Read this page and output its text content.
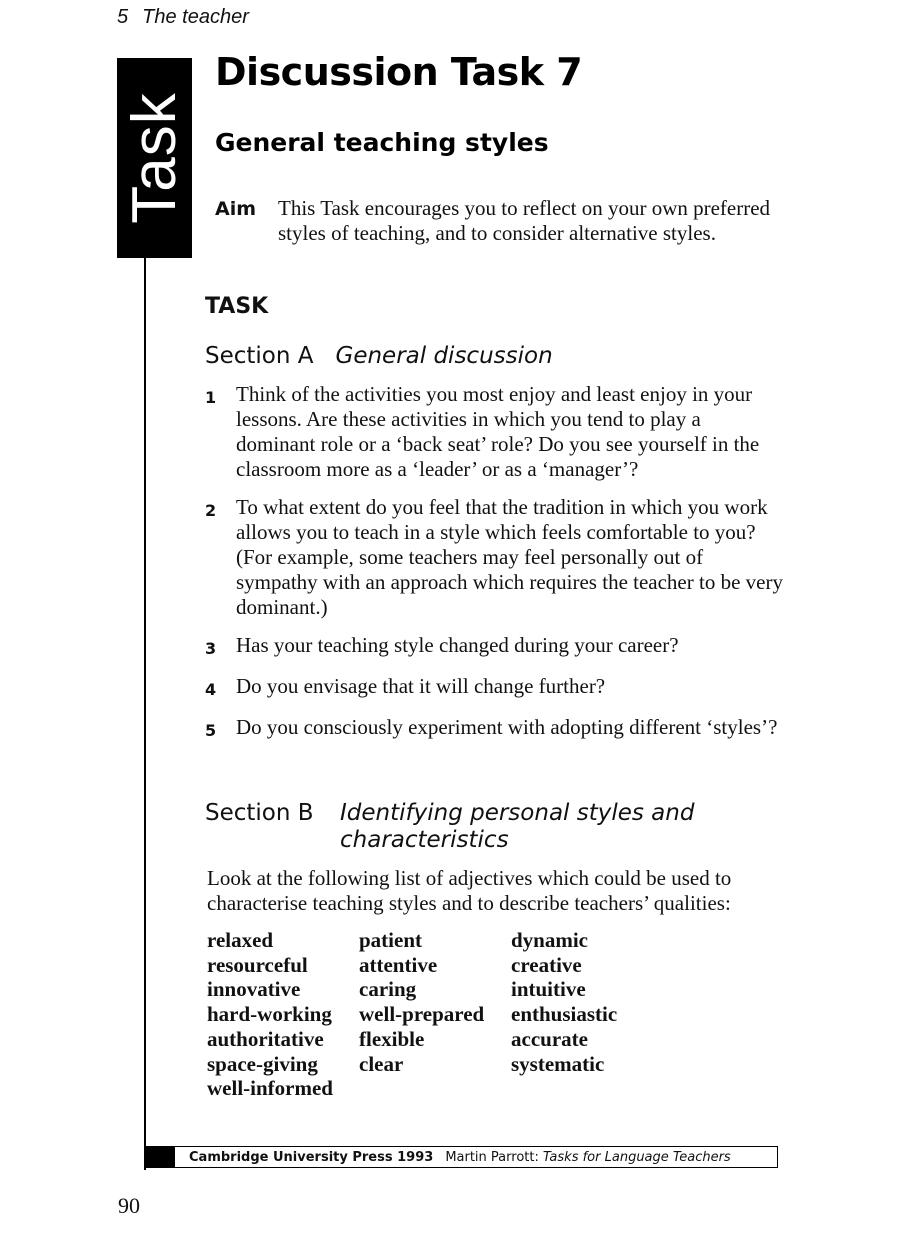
5 The teacher
Task
Discussion Task 7
General teaching styles
Aim This Task encourages you to reflect on your own preferred styles of teaching, and to consider alternative styles.
TASK
Section A General discussion
1 Think of the activities you most enjoy and least enjoy in your lessons. Are these activities in which you tend to play a dominant role or a ‘back seat’ role? Do you see yourself in the classroom more as a ‘leader’ or as a ‘manager’?
2 To what extent do you feel that the tradition in which you work allows you to teach in a style which feels comfortable to you? (For example, some teachers may feel personally out of sympathy with an approach which requires the teacher to be very dominant.)
3 Has your teaching style changed during your career?
4 Do you envisage that it will change further?
5 Do you consciously experiment with adopting different ‘styles’?
Section B Identifying personal styles and characteristics
Look at the following list of adjectives which could be used to characterise teaching styles and to describe teachers’ qualities:
relaxed
resourceful
innovative
hard-working
authoritative
space-giving
well-informed
patient
attentive
caring
well-prepared
flexible
clear
dynamic
creative
intuitive
enthusiastic
accurate
systematic
Cambridge University Press 1993 Martin Parrott: Tasks for Language Teachers
90
